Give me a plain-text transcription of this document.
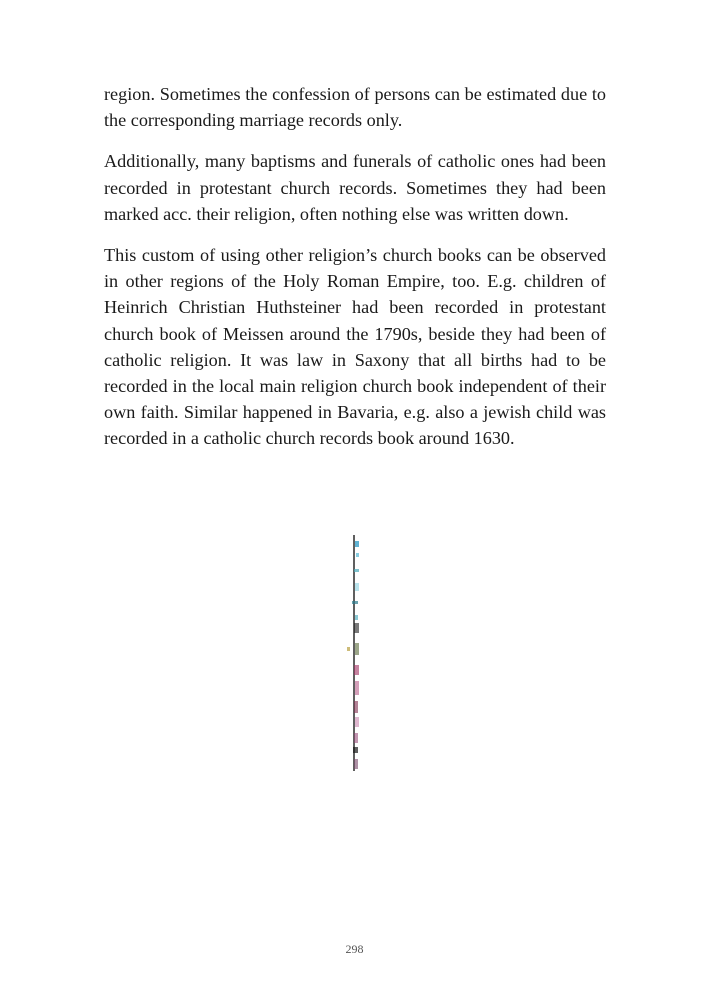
region. Sometimes the confession of persons can be estimated due to the corresponding marriage records only.

Additionally, many baptisms and funerals of catholic ones had been recorded in protestant church records. Sometimes they had been marked acc. their religion, often nothing else was written down.

This custom of using other religion’s church books can be observed in other regions of the Holy Roman Empire, too. E.g. children of Heinrich Christian Huthsteiner had been recorded in protestant church book of Meissen around the 1790s, beside they had been of catholic religion. It was law in Saxony that all births had to be recorded in the local main religion church book independent of their own faith. Similar happened in Bavaria, e.g. also a jewish child was recorded in a catholic church records book around 1630.

298
